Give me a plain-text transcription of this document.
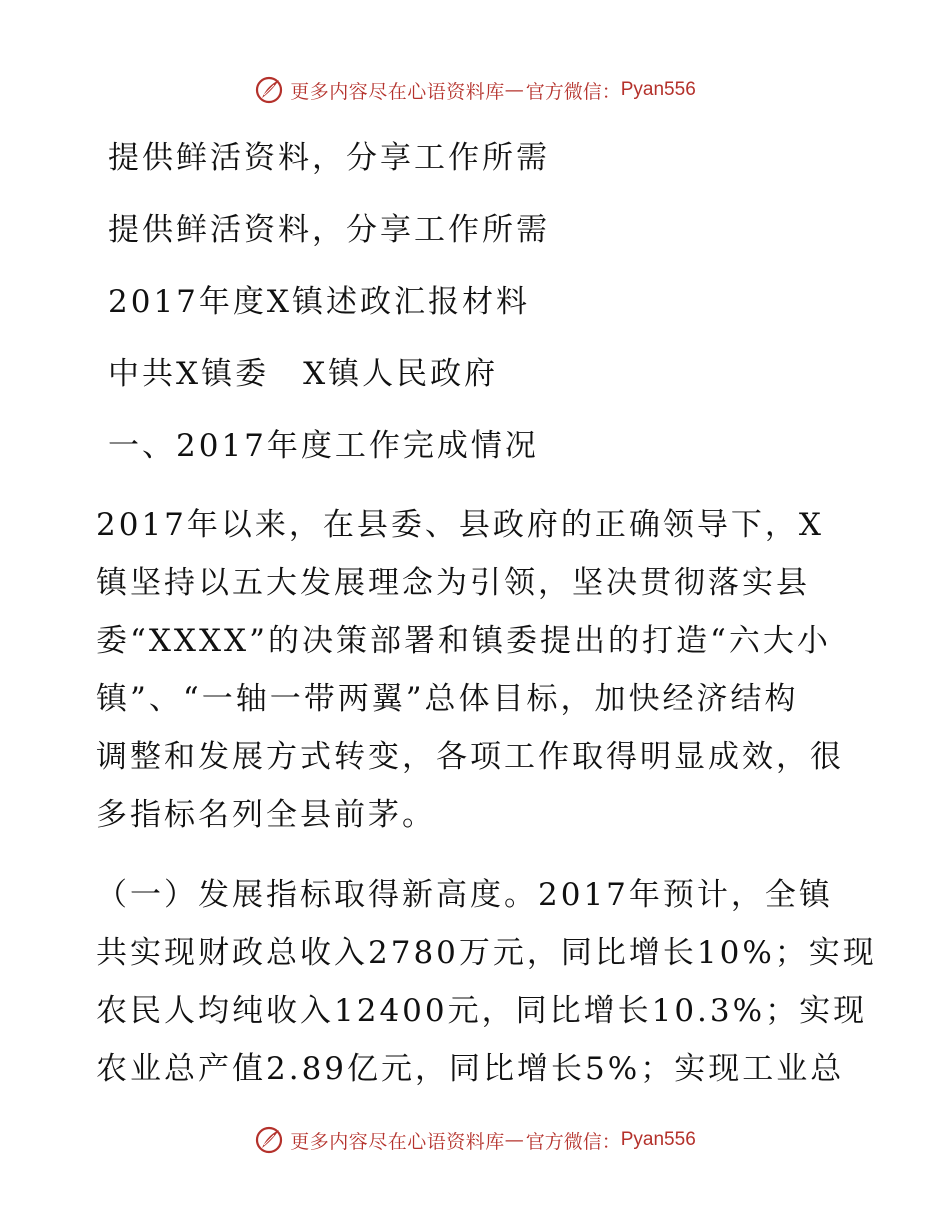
更多内容尽在心语资料库 — 官方微信： Pyan556
提供鲜活资料，分享工作所需
提供鲜活资料，分享工作所需
2017年度X镇述政汇报材料
中共X镇委　X镇人民政府
一、2017年度工作完成情况
2017年以来，在县委、县政府的正确领导下，X
镇坚持以五大发展理念为引领，坚决贯彻落实县
委“XXXX”的决策部署和镇委提出的打造“六大小
镇”、“一轴一带两翼”总体目标，加快经济结构
调整和发展方式转变，各项工作取得明显成效，很
多指标名列全县前茅。
（一）发展指标取得新高度。2017年预计，全镇
共实现财政总收入2780万元，同比增长10%；实现
农民人均纯收入12400元，同比增长10.3%；实现
农业总产值2.89亿元，同比增长5%；实现工业总
更多内容尽在心语资料库 — 官方微信： Pyan556
